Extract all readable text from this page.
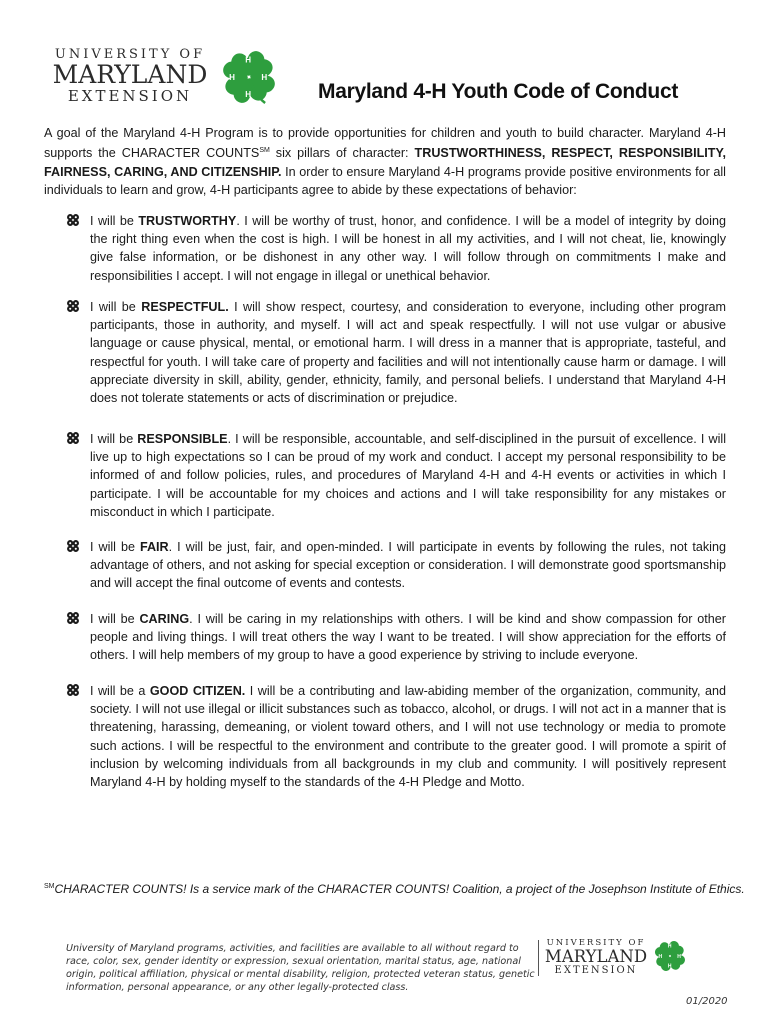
UNIVERSITY OF
MARYLAND
EXTENSION
H
H
H
H
Maryland 4-H Youth Code of Conduct

A goal of the Maryland 4-H Program is to provide opportunities for children and youth to build character. Maryland 4-H supports the CHARACTER COUNTS℠ six pillars of character: TRUSTWORTHINESS, RESPECT, RESPONSIBILITY, FAIRNESS, CARING, AND CITIZENSHIP. In order to ensure Maryland 4-H programs provide positive environments for all individuals to learn and grow, 4-H participants agree to abide by these expectations of behavior:

I will be TRUSTWORTHY. I will be worthy of trust, honor, and confidence. I will be a model of integrity by doing the right thing even when the cost is high. I will be honest in all my activities, and I will not cheat, lie, knowingly give false information, or be dishonest in any other way. I will follow through on commitments I make and responsibilities I accept. I will not engage in illegal or unethical behavior.
I will be RESPECTFUL. I will show respect, courtesy, and consideration to everyone, including other program participants, those in authority, and myself. I will act and speak respectfully. I will not use vulgar or abusive language or cause physical, mental, or emotional harm. I will dress in a manner that is appropriate, tasteful, and respectful for youth. I will take care of property and facilities and will not intentionally cause harm or damage. I will appreciate diversity in skill, ability, gender, ethnicity, family, and personal beliefs. I understand that Maryland 4-H does not tolerate statements or acts of discrimination or prejudice.
I will be RESPONSIBLE. I will be responsible, accountable, and self-disciplined in the pursuit of excellence. I will live up to high expectations so I can be proud of my work and conduct. I accept my personal responsibility to be informed of and follow policies, rules, and procedures of Maryland 4-H and 4-H events or activities in which I participate. I will be accountable for my choices and actions and I will take responsibility for any mistakes or misconduct in which I participate.
I will be FAIR. I will be just, fair, and open-minded. I will participate in events by following the rules, not taking advantage of others, and not asking for special exception or consideration. I will demonstrate good sportsmanship and will accept the final outcome of events and contests.
I will be CARING. I will be caring in my relationships with others. I will be kind and show compassion for other people and living things. I will treat others the way I want to be treated. I will show appreciation for the efforts of others. I will help members of my group to have a good experience by striving to include everyone.
I will be a GOOD CITIZEN. I will be a contributing and law-abiding member of the organization, community, and society. I will not use illegal or illicit substances such as tobacco, alcohol, or drugs. I will not act in a manner that is threatening, harassing, demeaning, or violent toward others, and I will not use technology or media to promote such actions. I will be respectful to the environment and contribute to the greater good. I will promote a spirit of inclusion by welcoming individuals from all backgrounds in my club and community. I will positively represent Maryland 4-H by holding myself to the standards of the 4-H Pledge and Motto.

℠CHARACTER COUNTS! Is a service mark of the CHARACTER COUNTS! Coalition, a project of the Josephson Institute of Ethics.

University of Maryland programs, activities, and facilities are available to all without regard to race, color, sex, gender identity or expression, sexual orientation, marital status, age, national origin, political affiliation, physical or mental disability, religion, protected veteran status, genetic information, personal appearance, or any other legally-protected class.

UNIVERSITY OF
MARYLAND
EXTENSION
H
H
H
H
01/2020
